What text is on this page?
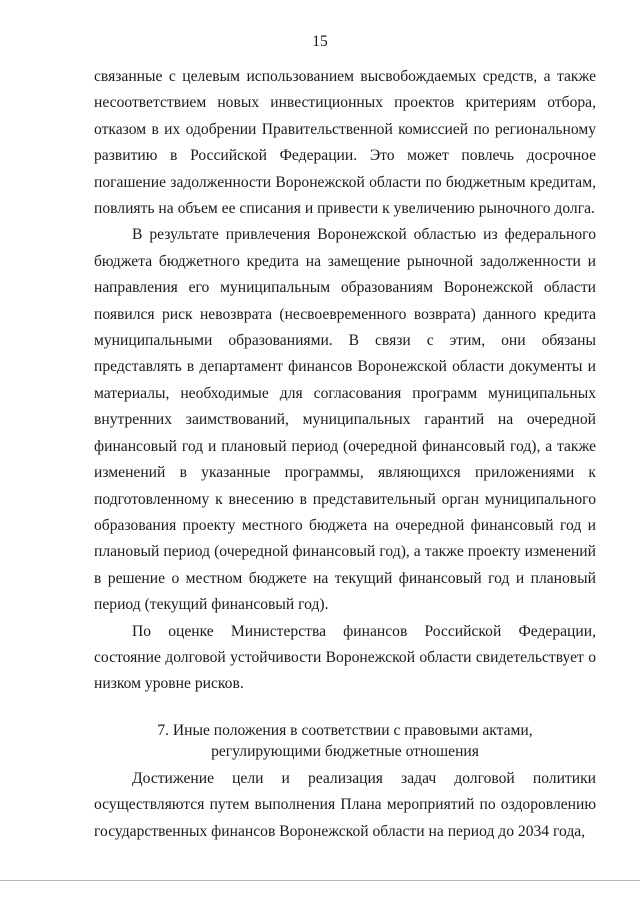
15

связанные с целевым использованием высвобождаемых средств, а также несоответствием новых инвестиционных проектов критериям отбора, отказом в их одобрении Правительственной комиссией по региональному развитию в Российской Федерации. Это может повлечь досрочное погашение задолженности Воронежской области по бюджетным кредитам, повлиять на объем ее списания и привести к увеличению рыночного долга.

В результате привлечения Воронежской областью из федерального бюджета бюджетного кредита на замещение рыночной задолженности и направления его муниципальным образованиям Воронежской области появился риск невозврата (несвоевременного возврата) данного кредита муниципальными образованиями. В связи с этим, они обязаны представлять в департамент финансов Воронежской области документы и материалы, необходимые для согласования программ муниципальных внутренних заимствований, муниципальных гарантий на очередной финансовый год и плановый период (очередной финансовый год), а также изменений в указанные программы, являющихся приложениями к подготовленному к внесению в представительный орган муниципального образования проекту местного бюджета на очередной финансовый год и плановый период (очередной финансовый год), а также проекту изменений в решение о местном бюджете на текущий финансовый год и плановый период (текущий финансовый год).

По оценке Министерства финансов Российской Федерации, состояние долговой устойчивости Воронежской области свидетельствует о низком уровне рисков.

7. Иные положения в соответствии с правовыми актами,
регулирующими бюджетные отношения

Достижение цели и реализация задач долговой политики осуществляются путем выполнения Плана мероприятий по оздоровлению государственных финансов Воронежской области на период до 2034 года,
